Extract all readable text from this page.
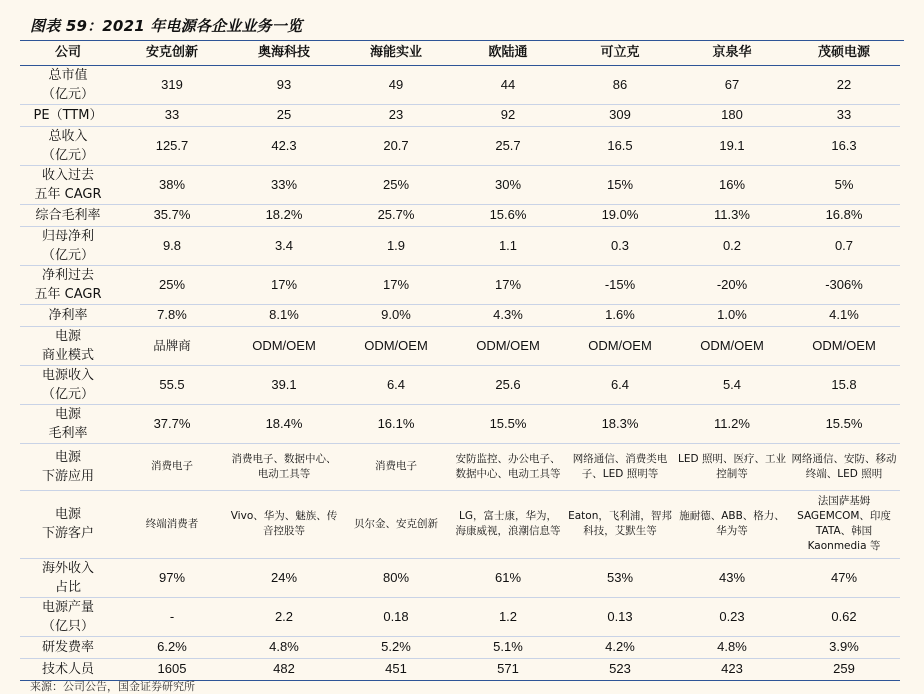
图表 59：2021 年电源各企业业务一览
公司	安克创新	奥海科技	海能实业	欧陆通	可立克	京泉华	茂硕电源

总市值
（亿元）	319	93	49	44	86	67	22

PE（TTM）	33	25	23	92	309	180	33

总收入
（亿元）	125.7	42.3	20.7	25.7	16.5	19.1	16.3

收入过去
五年 CAGR	38%	33%	25%	30%	15%	16%	5%

综合毛利率	35.7%	18.2%	25.7%	15.6%	19.0%	11.3%	16.8%

归母净利
（亿元）	9.8	3.4	1.9	1.1	0.3	0.2	0.7

净利过去
五年 CAGR	25%	17%	17%	17%	-15%	-20%	-306%

净利率	7.8%	8.1%	9.0%	4.3%	1.6%	1.0%	4.1%

电源
商业模式	品牌商	ODM/OEM	ODM/OEM	ODM/OEM	ODM/OEM	ODM/OEM	ODM/OEM

电源收入
（亿元）	55.5	39.1	6.4	25.6	6.4	5.4	15.8

电源
毛利率	37.7%	18.4%	16.1%	15.5%	18.3%	11.2%	15.5%

电源
下游应用	消费电子	消费电子、数据中心、电动工具等	消费电子	安防监控、办公电子、数据中心、电动工具等	网络通信、消费类电子、LED 照明等	LED 照明、医疗、工业控制等	网络通信、安防、移动终端、LED 照明

电源
下游客户	终端消费者	Vivo、华为、魅族、传音控股等	贝尔金、安克创新	LG，富士康，华为，海康威视，浪潮信息等	Eaton，飞利浦，智邦科技，艾默生等	施耐德、ABB、格力、华为等	法国萨基姆 SAGEMCOM、印度 TATA、韩国 Kaonmedia 等

海外收入
占比	97%	24%	80%	61%	53%	43%	47%

电源产量
（亿只）	-	2.2	0.18	1.2	0.13	0.23	0.62

研发费率	6.2%	4.8%	5.2%	5.1%	4.2%	4.8%	3.9%

技术人员	1605	482	451	571	523	423	259
来源：公司公告，国金证券研究所
